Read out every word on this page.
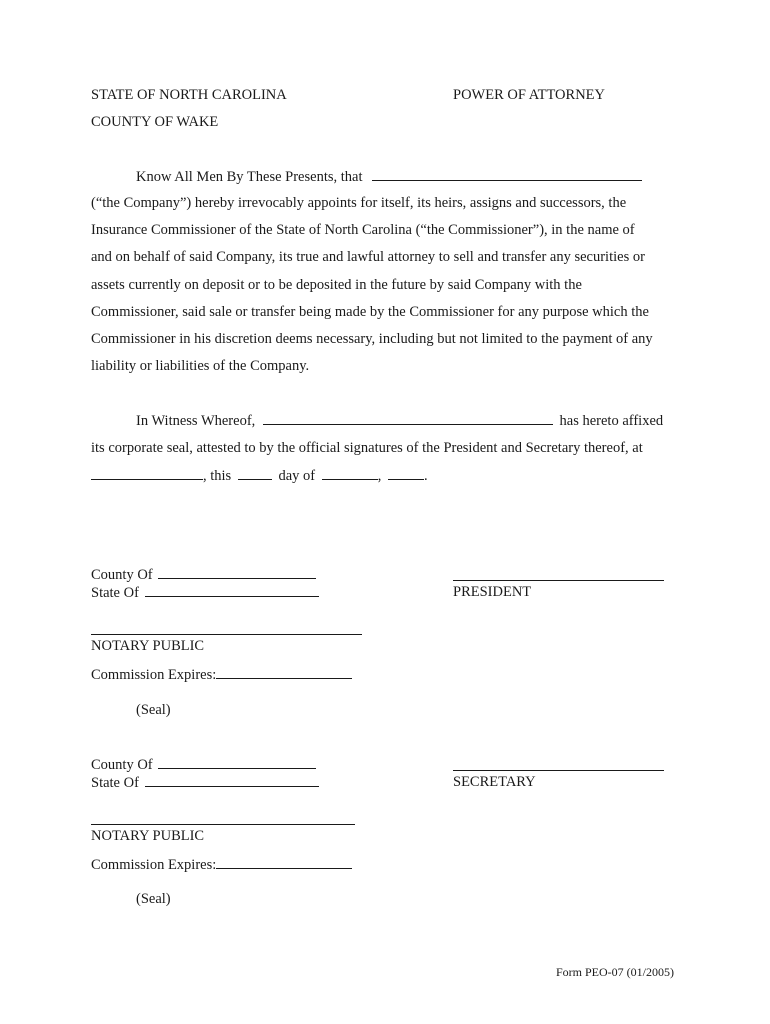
STATE OF NORTH CAROLINA	POWER OF ATTORNEY
COUNTY OF WAKE
Know All Men By These Presents, that
(“the Company”) hereby irrevocably appoints for itself, its heirs, assigns and successors, the
Insurance Commissioner of the State of North Carolina (“the Commissioner”), in the name of
and on behalf of said Company, its true and lawful attorney to sell and transfer any securities or
assets currently on deposit or to be deposited in the future by said Company with the
Commissioner, said sale or transfer being made by the Commissioner for any purpose which the
Commissioner in his discretion deems necessary, including but not limited to the payment of any
liability or liabilities of the Company.
In Witness Whereof,	has hereto affixed
its corporate seal, attested to by the official signatures of the President and Secretary thereof, at
, this	day of	,	.
County Of
State Of	PRESIDENT
NOTARY PUBLIC
Commission Expires:
(Seal)
County Of
State Of	SECRETARY
NOTARY PUBLIC
Commission Expires:
(Seal)
Form PEO-07 (01/2005)
